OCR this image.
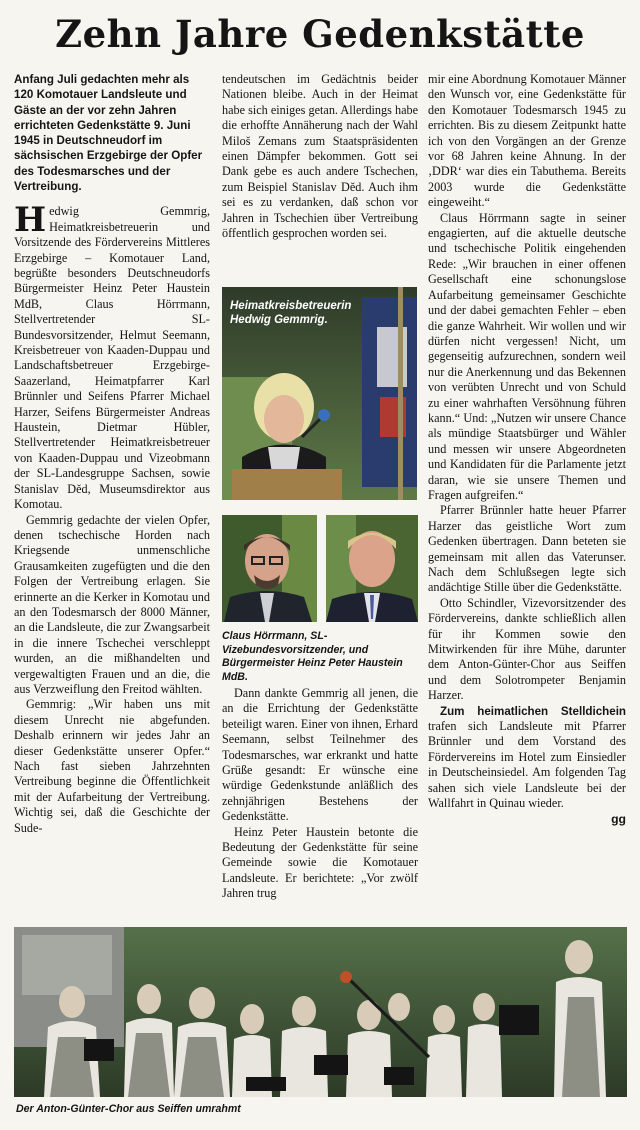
Zehn Jahre Gedenkstätte

Anfang Juli gedachten mehr als 120 Komotauer Landsleute und Gäste an der vor zehn Jahren errichteten Gedenkstätte 9. Juni 1945 in Deutschneudorf im sächsischen Erzgebirge der Opfer des Todesmarsches und der Vertreibung.

Hedwig Gemmrig, Heimatkreisbetreuerin und Vorsitzende des Fördervereins Mittleres Erzgebirge – Komotauer Land, begrüßte besonders Deutschneudorfs Bürgermeister Heinz Peter Haustein MdB, Claus Hörrmann, Stellvertretender SL-Bundesvorsitzender, Helmut Seemann, Kreisbetreuer von Kaaden-Duppau und Landschaftsbetreuer Erzgebirge-Saazerland, Heimatpfarrer Karl Brünnler und Seifens Pfarrer Michael Harzer, Seifens Bürgermeister Andreas Haustein, Dietmar Hübler, Stellvertretender Heimatkreisbetreuer von Kaaden-Duppau und Vizeobmann der SL-Landesgruppe Sachsen, sowie Stanislav Děd, Museumsdirektor aus Komotau.

Gemmrig gedachte der vielen Opfer, denen tschechische Horden nach Kriegsende unmenschliche Grausamkeiten zugefügten und die den Folgen der Vertreibung erlagen. Sie erinnerte an die Kerker in Komotau und an den Todesmarsch der 8000 Männer, an die Landsleute, die zur Zwangsarbeit in die innere Tschechei verschleppt wurden, an die mißhandelten und vergewaltigten Frauen und an die, die aus Verzweiflung den Freitod wählten.

Gemmrig: „Wir haben uns mit diesem Unrecht nie abgefunden. Deshalb erinnern wir jedes Jahr an dieser Gedenkstätte unserer Opfer.“ Nach fast sieben Jahrzehnten Vertreibung beginne die Öffentlichkeit mit der Aufarbeitung der Vertreibung. Wichtig sei, daß die Geschichte der Sude-

tendeutschen im Gedächtnis beider Nationen bleibe. Auch in der Heimat habe sich einiges getan. Allerdings habe die erhoffte Annäherung nach der Wahl Miloš Zemans zum Staatspräsidenten einen Dämpfer bekommen. Gott sei Dank gebe es auch andere Tschechen, zum Beispiel Stanislav Děd. Auch ihm sei es zu verdanken, daß schon vor Jahren in Tschechien über Vertreibung öffentlich gesprochen worden sei.

Heimatkreisbetreuerin Hedwig Gemmrig.
Claus Hörrmann, SL-Vizebundesvorsitzender, und Bürgermeister Heinz Peter Haustein MdB.

Dann dankte Gemmrig all jenen, die an die Errichtung der Gedenkstätte beteiligt waren. Einer von ihnen, Erhard Seemann, selbst Teilnehmer des Todesmarsches, war erkrankt und hatte Grüße gesandt: Er wünsche eine würdige Gedenkstunde anläßlich des zehnjährigen Bestehens der Gedenkstätte.

Heinz Peter Haustein betonte die Bedeutung der Gedenkstätte für seine Gemeinde sowie die Komotauer Landsleute. Er berichtete: „Vor zwölf Jahren trug

mir eine Abordnung Komotauer Männer den Wunsch vor, eine Gedenkstätte für den Komotauer Todesmarsch 1945 zu errichten. Bis zu diesem Zeitpunkt hatte ich von den Vorgängen an der Grenze vor 68 Jahren keine Ahnung. In der ‚DDR‘ war dies ein Tabuthema. Bereits 2003 wurde die Gedenkstätte eingeweiht.“

Claus Hörrmann sagte in seiner engagierten, auf die aktuelle deutsche und tschechische Politik eingehenden Rede: „Wir brauchen in einer offenen Gesellschaft eine schonungslose Aufarbeitung gemeinsamer Geschichte und der dabei gemachten Fehler – eben die ganze Wahrheit. Wir wollen und wir dürfen nicht vergessen! Nicht, um gegenseitig aufzurechnen, sondern weil nur die Anerkennung und das Bekennen von verübten Unrecht und von Schuld zu einer wahrhaften Versöhnung führen kann.“ Und: „Nutzen wir unsere Chance als mündige Staatsbürger und Wähler und messen wir unsere Abgeordneten und Kandidaten für die Parlamente jetzt daran, wie sie unsere Themen und Fragen aufgreifen.“

Pfarrer Brünnler hatte heuer Pfarrer Harzer das geistliche Wort zum Gedenken übertragen. Dann beteten sie gemeinsam mit allen das Vaterunser. Nach dem Schlußsegen legte sich andächtige Stille über die Gedenkstätte.

Otto Schindler, Vizevorsitzender des Fördervereins, dankte schließlich allen für ihr Kommen sowie den Mitwirkenden für ihre Mühe, darunter dem Anton-Günter-Chor aus Seiffen und dem Solotrompeter Benjamin Harzer.

Zum heimatlichen Stelldichein trafen sich Landsleute mit Pfarrer Brünnler und dem Vorstand des Fördervereins im Hotel zum Einsiedler in Deutscheinsiedel. Am folgenden Tag sahen sich viele Landsleute bei der Wallfahrt in Quinau wieder.

gg

Der Anton-Günter-Chor aus Seiffen umrahmt
